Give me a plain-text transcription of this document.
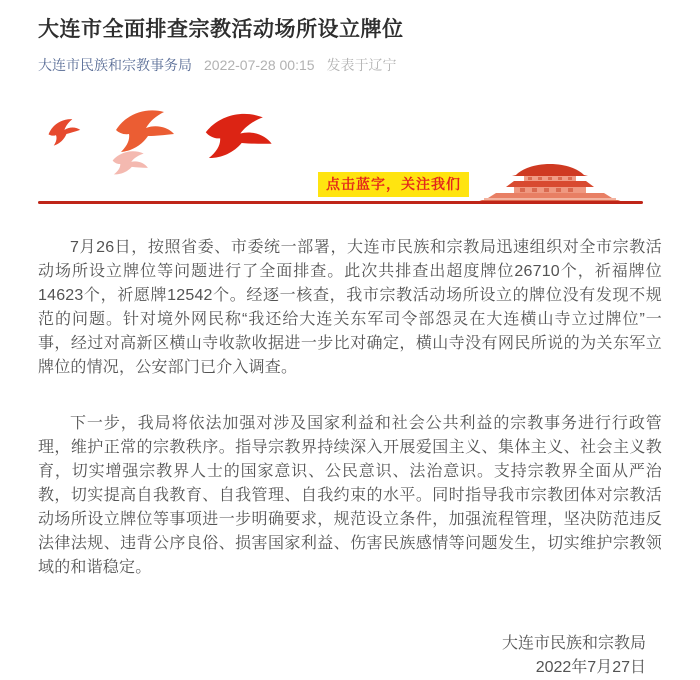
大连市全面排查宗教活动场所设立牌位
大连市民族和宗教事务局 2022-07-28 00:15 发表于辽宁
点击蓝字，关注我们

7月26日，按照省委、市委统一部署，大连市民族和宗教局迅速组织对全市宗教活动场所设立牌位等问题进行了全面排查。此次共排查出超度牌位26710个，祈福牌位14623个，祈愿牌12542个。经逐一核查，我市宗教活动场所设立的牌位没有发现不规范的问题。针对境外网民称“我还给大连关东军司令部怨灵在大连横山寺立过牌位”一事，经过对高新区横山寺收款收据进一步比对确定，横山寺没有网民所说的为关东军立牌位的情况，公安部门已介入调查。

下一步，我局将依法加强对涉及国家利益和社会公共利益的宗教事务进行行政管理，维护正常的宗教秩序。指导宗教界持续深入开展爱国主义、集体主义、社会主义教育，切实增强宗教界人士的国家意识、公民意识、法治意识。支持宗教界全面从严治教，切实提高自我教育、自我管理、自我约束的水平。同时指导我市宗教团体对宗教活动场所设立牌位等事项进一步明确要求，规范设立条件，加强流程管理，坚决防范违反法律法规、违背公序良俗、损害国家利益、伤害民族感情等问题发生，切实维护宗教领域的和谐稳定。

大连市民族和宗教局
2022年7月27日
